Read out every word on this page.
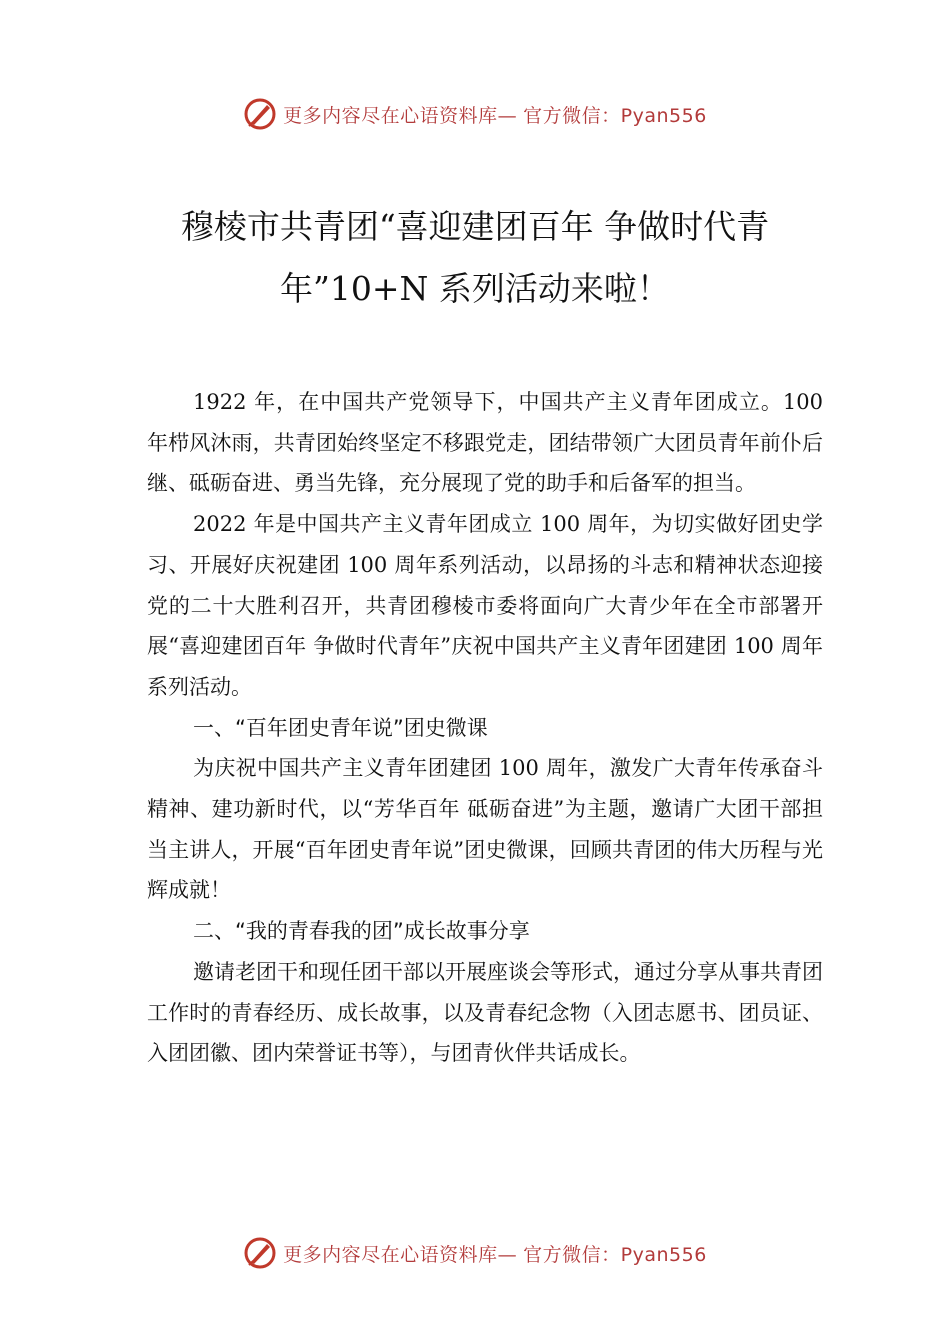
更多内容尽在心语资料库— 官方微信：Pyan556
穆棱市共青团“喜迎建团百年 争做时代青年”10+N 系列活动来啦！

1922 年，在中国共产党领导下，中国共产主义青年团成立。100 年栉风沐雨，共青团始终坚定不移跟党走，团结带领广大团员青年前仆后继、砥砺奋进、勇当先锋，充分展现了党的助手和后备军的担当。

2022 年是中国共产主义青年团成立 100 周年，为切实做好团史学习、开展好庆祝建团 100 周年系列活动，以昂扬的斗志和精神状态迎接党的二十大胜利召开，共青团穆棱市委将面向广大青少年在全市部署开展“喜迎建团百年 争做时代青年”庆祝中国共产主义青年团建团 100 周年系列活动。

一、“百年团史青年说”团史微课

为庆祝中国共产主义青年团建团 100 周年，激发广大青年传承奋斗精神、建功新时代，以“芳华百年 砥砺奋进”为主题，邀请广大团干部担当主讲人，开展“百年团史青年说”团史微课，回顾共青团的伟大历程与光辉成就！

二、“我的青春我的团”成长故事分享

邀请老团干和现任团干部以开展座谈会等形式，通过分享从事共青团工作时的青春经历、成长故事，以及青春纪念物（入团志愿书、团员证、入团团徽、团内荣誉证书等），与团青伙伴共话成长。

更多内容尽在心语资料库— 官方微信：Pyan556
